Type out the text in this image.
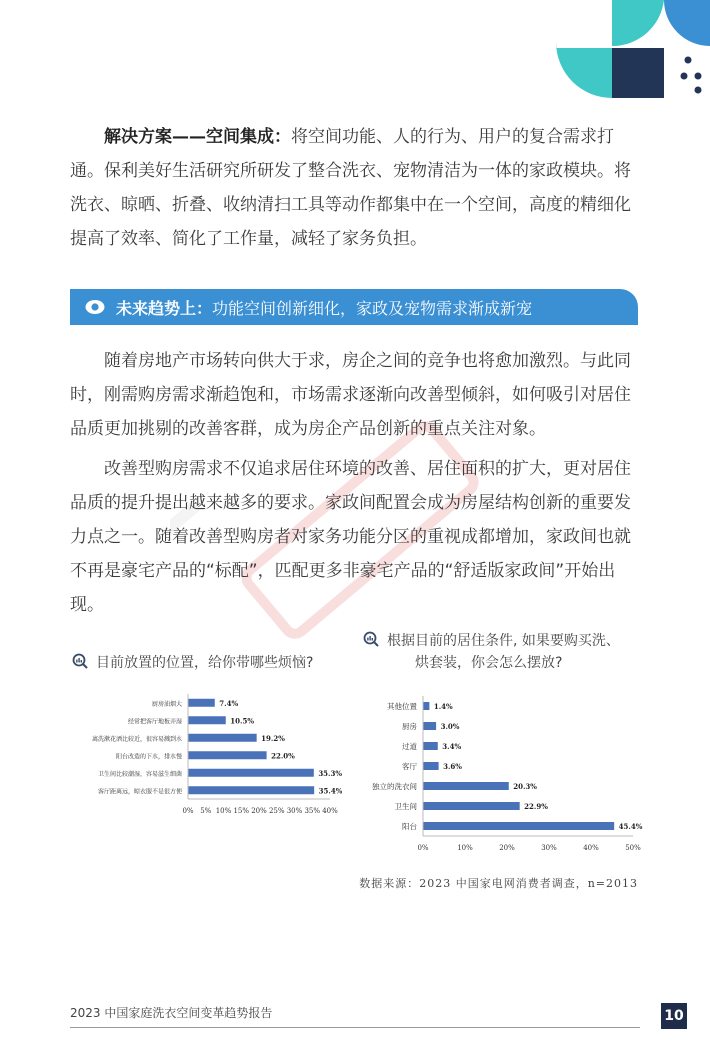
解决方案——空间集成：将空间功能、人的行为、用户的复合需求打通。保利美好生活研究所研发了整合洗衣、宠物清洁为一体的家政模块。将洗衣、晾晒、折叠、收纳清扫工具等动作都集中在一个空间，高度的精细化提高了效率、简化了工作量，减轻了家务负担。

未来趋势上： 功能空间创新细化，家政及宠物需求渐成新宠

随着房地产市场转向供大于求，房企之间的竞争也将愈加激烈。与此同时，刚需购房需求渐趋饱和，市场需求逐渐向改善型倾斜，如何吸引对居住品质更加挑剔的改善客群，成为房企产品创新的重点关注对象。

改善型购房需求不仅追求居住环境的改善、居住面积的扩大，更对居住品质的提升提出越来越多的要求。家政间配置会成为房屋结构创新的重要发力点之一。随着改善型购房者对家务功能分区的重视成都增加，家政间也就不再是豪宅产品的“标配”，匹配更多非豪宅产品的“舒适版家政间”开始出现。

目前放置的位置，给你带哪些烦恼?
根据目前的居住条件, 如果要购买洗、
烘套装，你会怎么摆放?
厨房油烟大	7.4%
经常把客厅地板弄湿	10.5%
离洗漱花洒比较近，很容易溅到水	19.2%
阳台改造的下水，排水慢	22.0%
卫生间比较潮湿，容易滋生细菌	35.3%
客厅距离远，晾衣服不是很方便	35.4%
0% 5% 10% 15% 20% 25% 30% 35% 40%
其他位置 1.4%
厨房	3.0%
过道	3.4%
客厅	3.6%
独立的洗衣间	20.3%
卫生间	22.9%
阳台	45.4%
0%	10%	20%	30%	40%	50%
数据来源：2023 中国家电网消费者调查，n=2013
2023 中国家庭洗衣空间变革趋势报告	10
